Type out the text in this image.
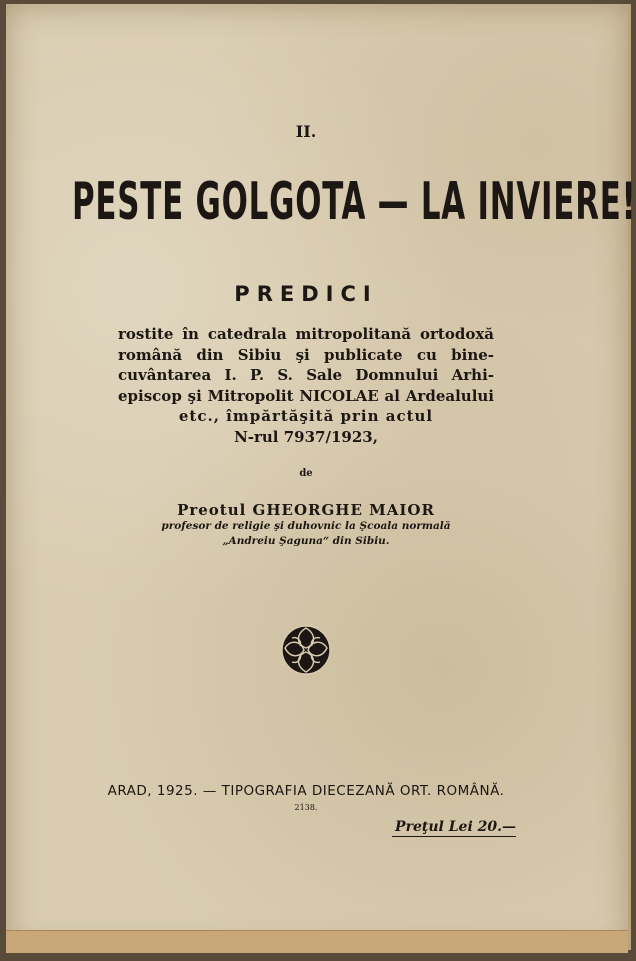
II.
PESTE GOLGOTA — LA INVIERE!
PREDICI
rostite în catedrala mitropolitană ortodoxă
română din Sibiu şi publicate cu bine-
cuvântarea I. P. S. Sale Domnului Arhi-
episcop şi Mitropolit NICOLAE al Ardealului
etc., împărtăşită prin actul
N-rul 7937/1923,
de
Preotul GHEORGHE MAIOR
profesor de religie şi duhovnic la Şcoala normală
„Andreiu Şaguna“ din Sibiu.
ARAD, 1925. — TIPOGRAFIA DIECEZANĂ ORT. ROMÂNĂ.
2138.
Preţul Lei 20.—
